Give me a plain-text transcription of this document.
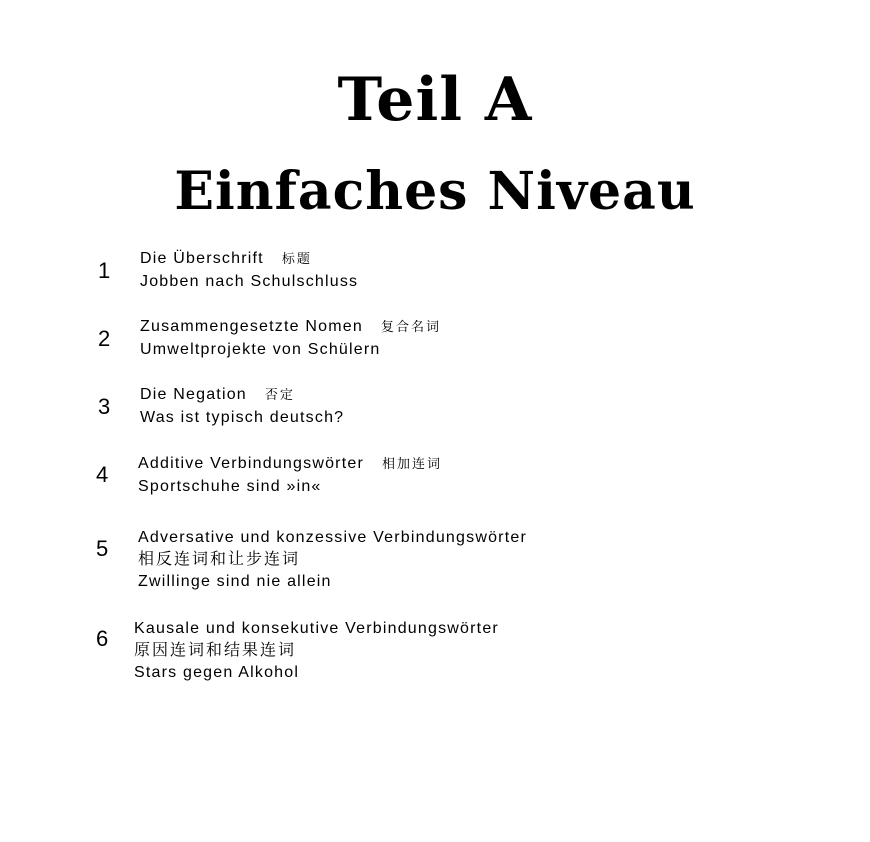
Teil A
Einfaches Niveau
1 Die Überschrift 标题
Jobben nach Schulschluss
2 Zusammengesetzte Nomen 复合名词
Umweltprojekte von Schülern
3 Die Negation 否定
Was ist typisch deutsch?
4 Additive Verbindungswörter 相加连词
Sportschuhe sind »in«
5 Adversative und konzessive Verbindungswörter
相反连词和让步连词
Zwillinge sind nie allein
6 Kausale und konsekutive Verbindungswörter
原因连词和结果连词
Stars gegen Alkohol
